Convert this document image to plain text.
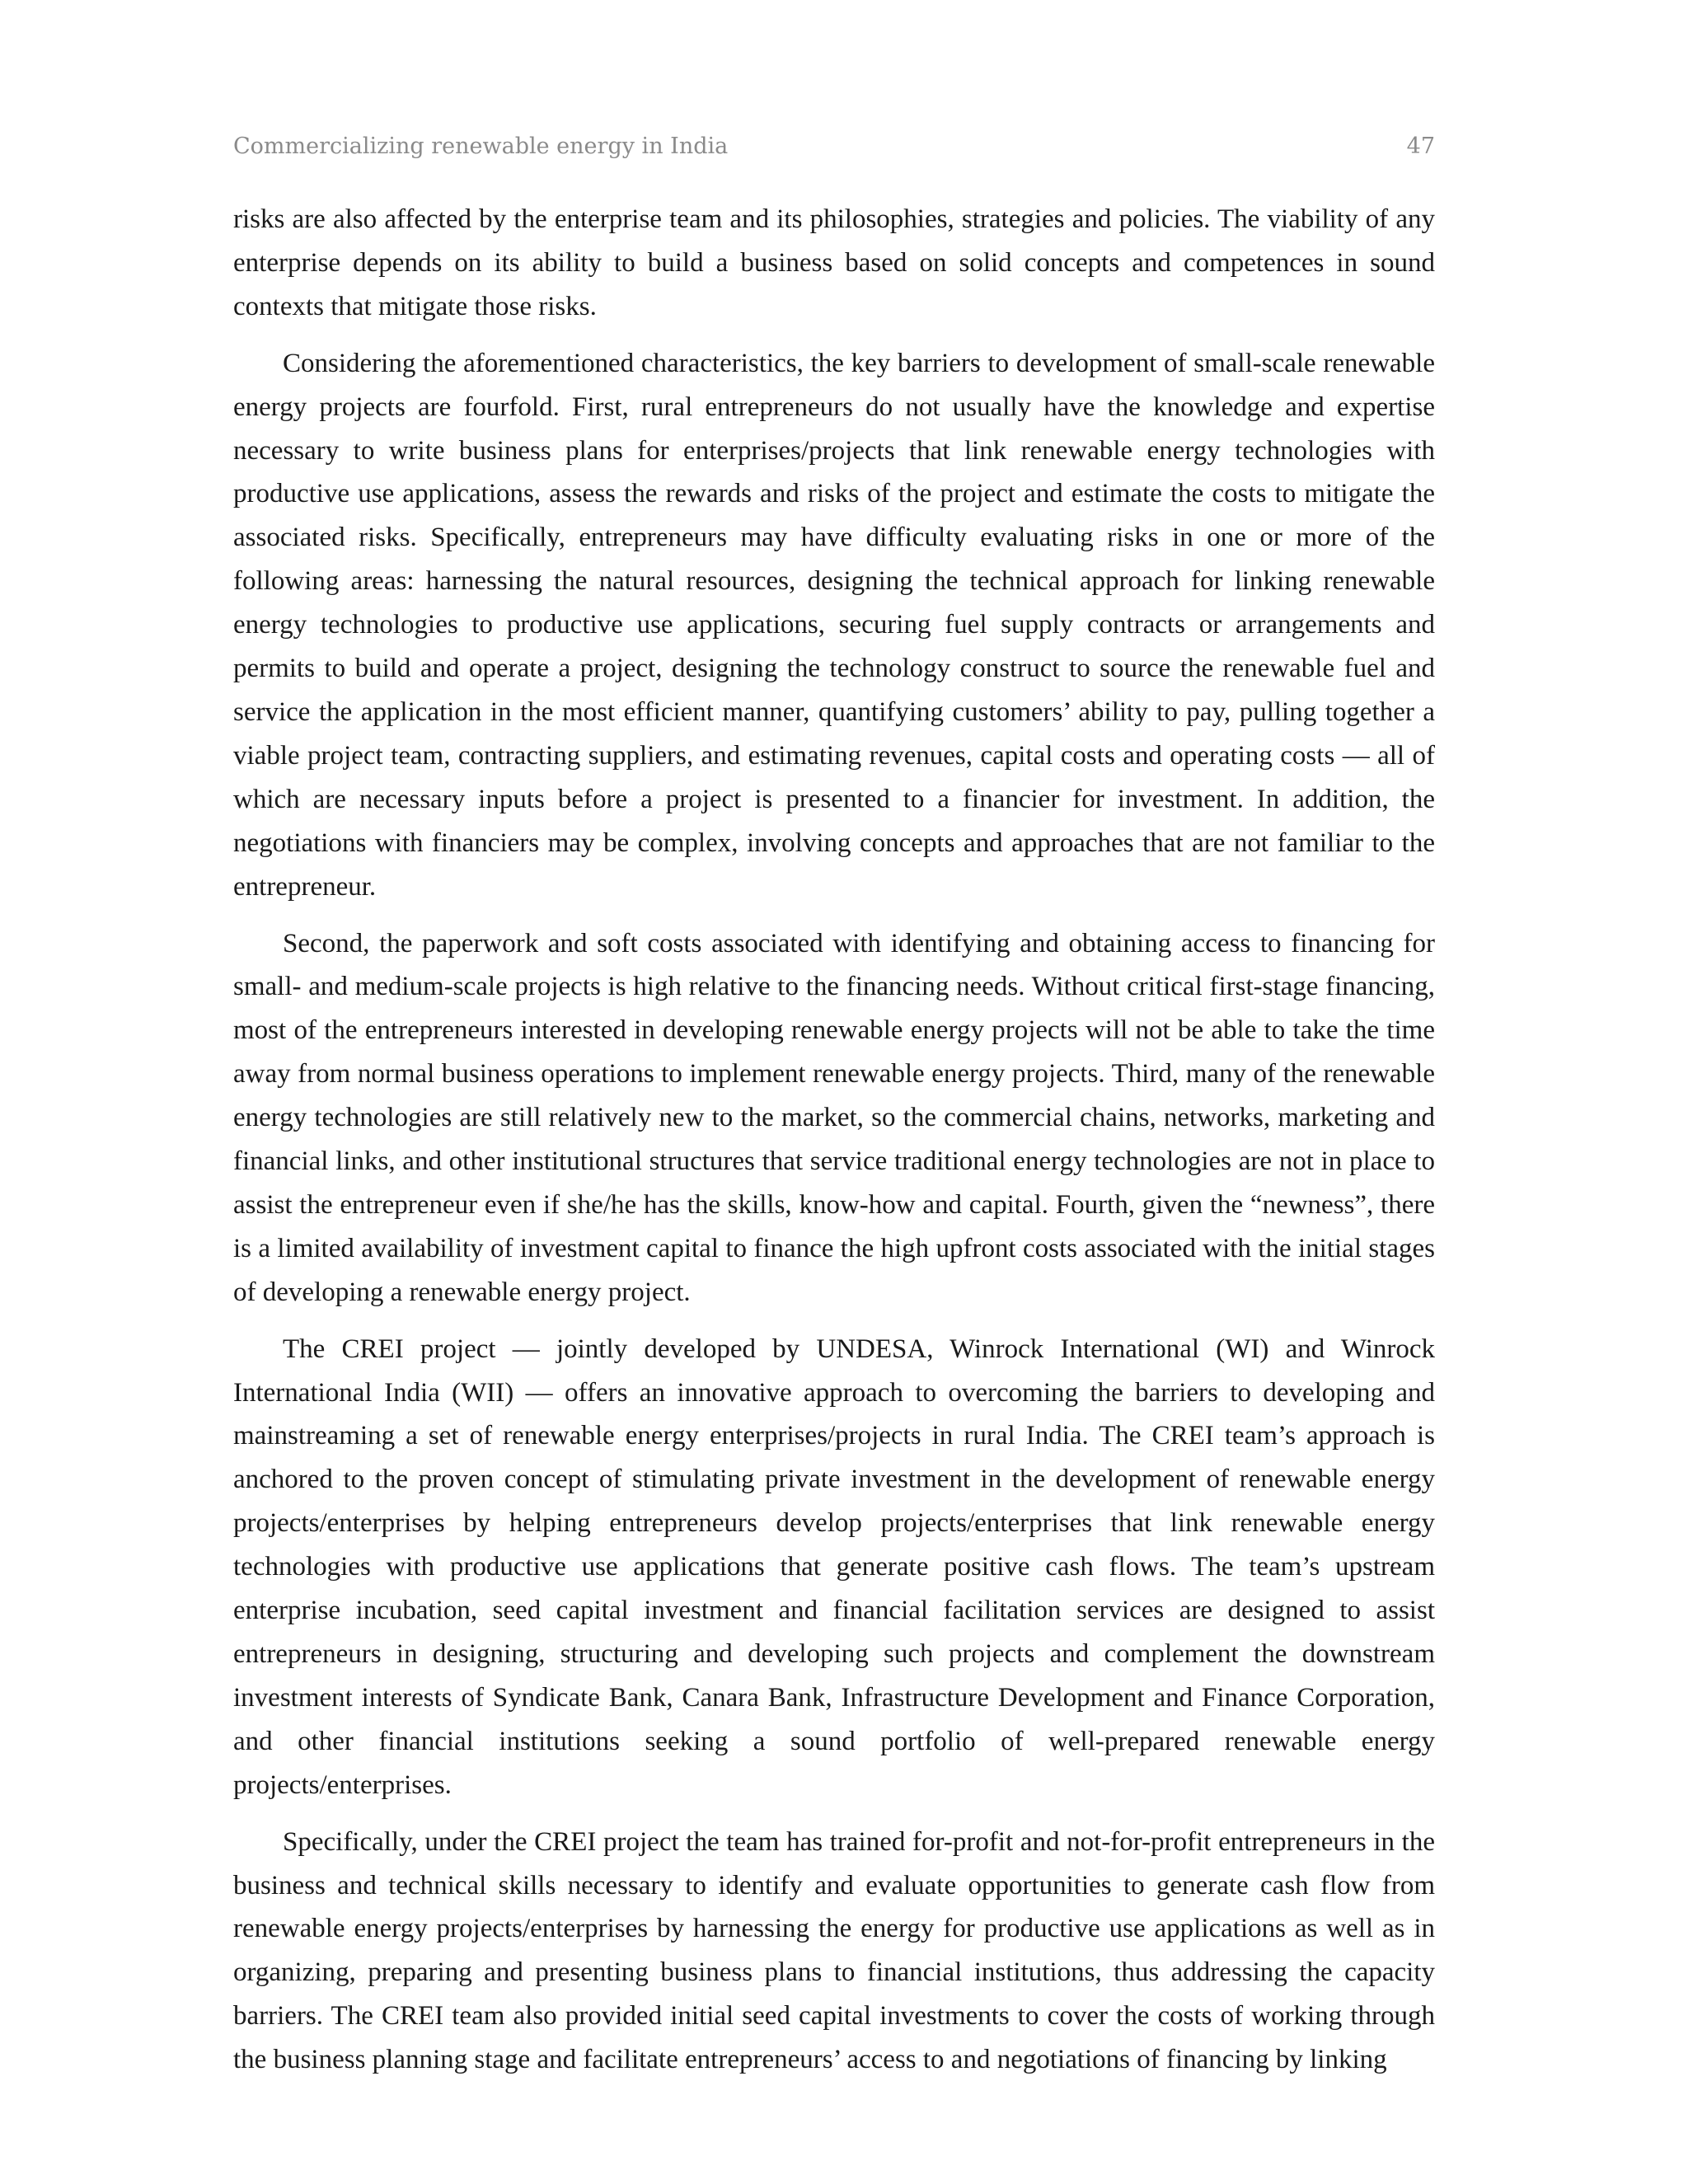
Commercializing renewable energy in India	47

risks are also affected by the enterprise team and its philosophies, strategies and policies. The viability of any enterprise depends on its ability to build a business based on solid concepts and competences in sound contexts that mitigate those risks.

Considering the aforementioned characteristics, the key barriers to development of small-scale renewable energy projects are fourfold. First, rural entrepreneurs do not usually have the knowledge and expertise necessary to write business plans for enterprises/projects that link renewable energy technologies with productive use applications, assess the rewards and risks of the project and estimate the costs to mitigate the associated risks. Specifically, entrepreneurs may have difficulty evaluating risks in one or more of the following areas: harnessing the natural resources, designing the technical approach for linking renewable energy technologies to productive use applications, securing fuel supply contracts or arrangements and permits to build and operate a project, designing the technology construct to source the renewable fuel and service the application in the most efficient manner, quantifying customers’ ability to pay, pulling together a viable project team, contracting suppliers, and estimating revenues, capital costs and operating costs — all of which are necessary inputs before a project is presented to a financier for investment. In addition, the negotiations with financiers may be complex, involving concepts and approaches that are not familiar to the entrepreneur.

Second, the paperwork and soft costs associated with identifying and obtaining access to financing for small- and medium-scale projects is high relative to the financing needs. Without critical first-stage financing, most of the entrepreneurs interested in developing renewable energy projects will not be able to take the time away from normal business operations to implement renewable energy projects. Third, many of the renewable energy technologies are still relatively new to the market, so the commercial chains, networks, marketing and financial links, and other institutional structures that service traditional energy technologies are not in place to assist the entrepreneur even if she/he has the skills, know-how and capital. Fourth, given the “newness”, there is a limited availability of investment capital to finance the high upfront costs associated with the initial stages of developing a renewable energy project.

The CREI project — jointly developed by UNDESA, Winrock International (WI) and Winrock International India (WII) — offers an innovative approach to overcoming the barriers to developing and mainstreaming a set of renewable energy enterprises/projects in rural India. The CREI team’s approach is anchored to the proven concept of stimulating private investment in the development of renewable energy projects/enterprises by helping entrepreneurs develop projects/enterprises that link renewable energy technologies with productive use applications that generate positive cash flows. The team’s upstream enterprise incubation, seed capital investment and financial facilitation services are designed to assist entrepreneurs in designing, structuring and developing such projects and complement the downstream investment interests of Syndicate Bank, Canara Bank, Infrastructure Development and Finance Corporation, and other financial institutions seeking a sound portfolio of well-prepared renewable energy projects/enterprises.

Specifically, under the CREI project the team has trained for-profit and not-for-profit entrepreneurs in the business and technical skills necessary to identify and evaluate opportunities to generate cash flow from renewable energy projects/enterprises by harnessing the energy for productive use applications as well as in organizing, preparing and presenting business plans to financial institutions, thus addressing the capacity barriers. The CREI team also provided initial seed capital investments to cover the costs of working through the business planning stage and facilitate entrepreneurs’ access to and negotiations of financing by linking
